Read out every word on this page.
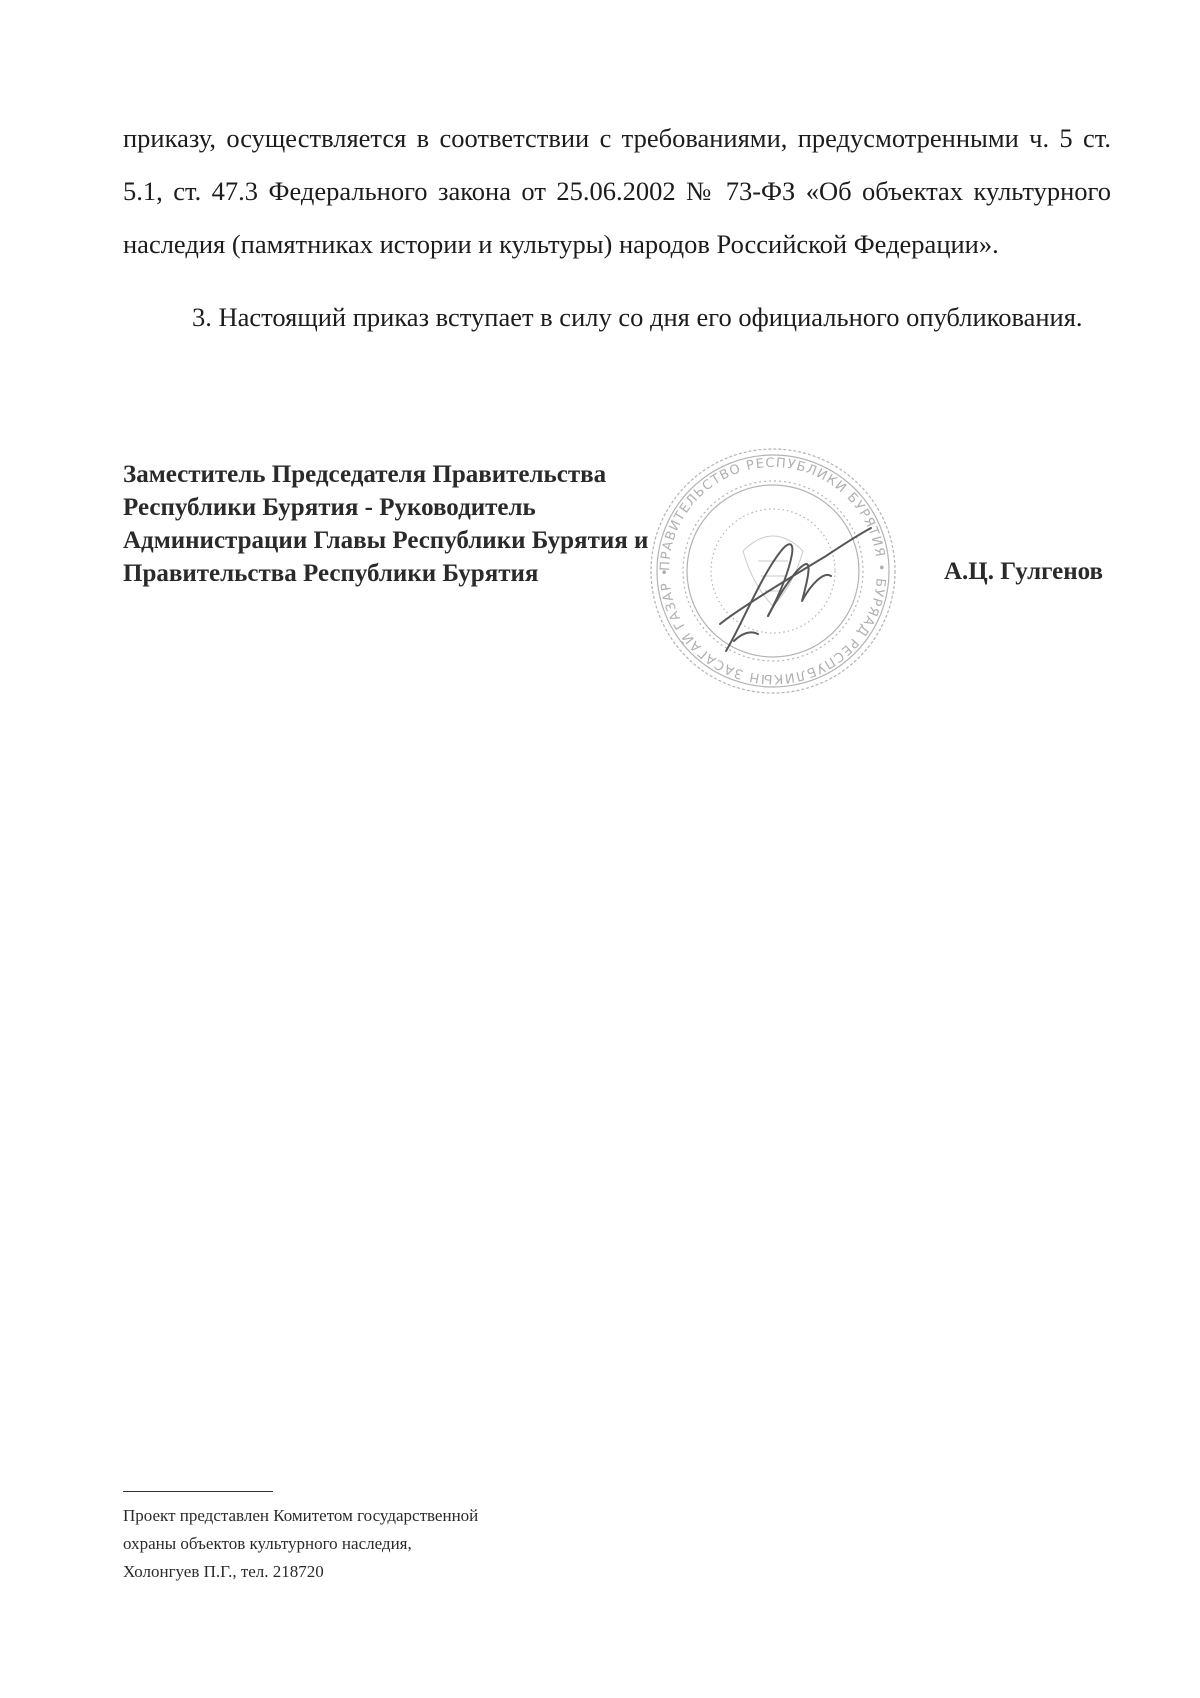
приказу, осуществляется в соответствии с требованиями, предусмотренными ч. 5 ст. 5.1, ст. 47.3 Федерального закона от 25.06.2002 № 73-ФЗ «Об объектах культурного наследия (памятниках истории и культуры) народов Российской Федерации».

3. Настоящий приказ вступает в силу со дня его официального опубликования.

Заместитель Председателя Правительства
Республики Бурятия - Руководитель
Администрации Главы Республики Бурятия и
Правительства Республики Бурятия	ПРАВИТЕЛЬСТВО РЕСПУБЛИКИ БУРЯТИЯ • БУРЯАД РЕСПУБЛИКЫН ЗАСАГАЙ ГАЗАР •	А.Ц. Гулгенов
Проект представлен Комитетом государственной
охраны объектов культурного наследия,
Холонгуев П.Г., тел. 218720
